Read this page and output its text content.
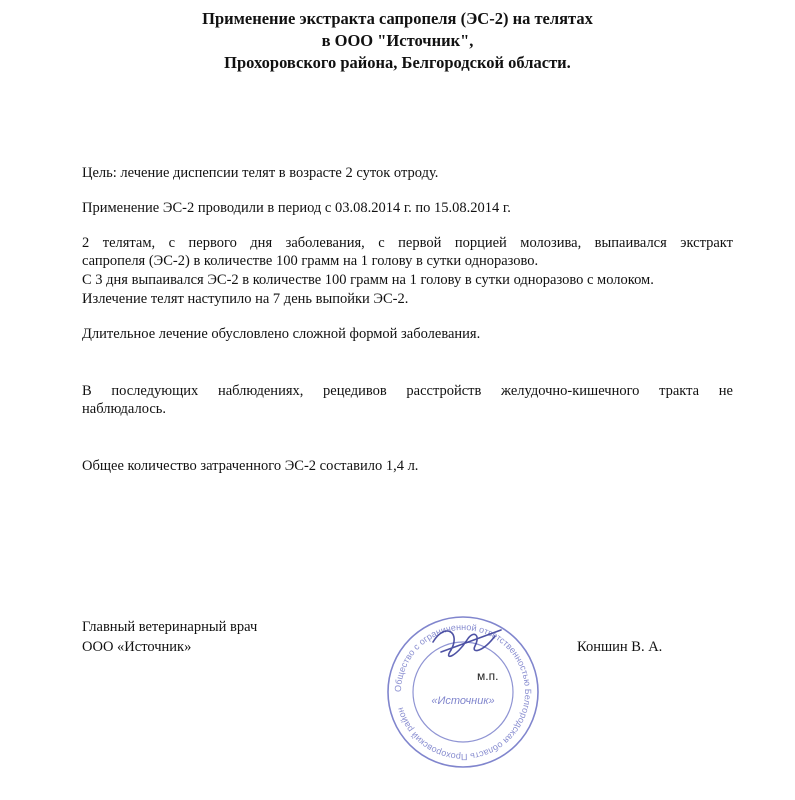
Применение экстракта сапропеля (ЭС-2) на телятах
в ООО "Источник",
Прохоровского района, Белгородской области.

Цель: лечение диспепсии телят в возрасте 2 суток отроду.

Применение ЭС-2 проводили в период с 03.08.2014 г. по 15.08.2014 г.

2 телятам, с первого дня заболевания, с первой порцией молозива, выпаивался экстракт
сапропеля (ЭС-2) в количестве 100 грамм на 1 голову в сутки одноразово.

С 3 дня выпаивался ЭС-2 в количестве 100 грамм на 1 голову в сутки одноразово с молоком.

Излечение телят наступило на 7 день выпойки ЭС-2.

Длительное лечение обусловлено сложной формой заболевания.

В последующих наблюдениях, рецедивов расстройств желудочно-кишечного тракта не
наблюдалось.

Общее количество затраченного ЭС-2 составило 1,4 л.

Главный ветеринарный врач
ООО «Источник»	Коншин В. А.
Общество с ограниченной ответственностью Белгородская область Прохоровский район
«Источник»
м.п.
